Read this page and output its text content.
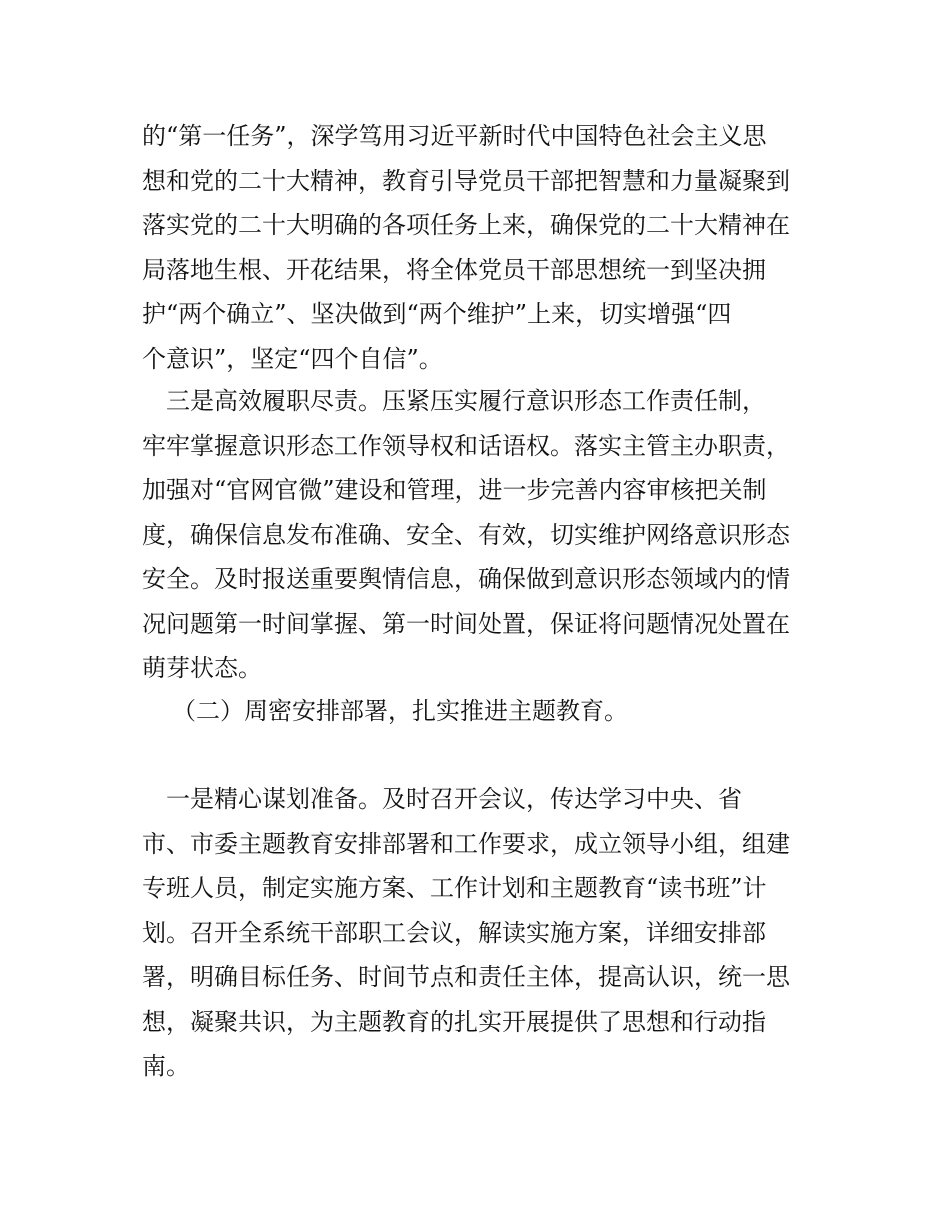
的“第一任务”，深学笃用习近平新时代中国特色社会主义思
想和党的二十大精神，教育引导党员干部把智慧和力量凝聚到
落实党的二十大明确的各项任务上来，确保党的二十大精神在
局落地生根、开花结果，将全体党员干部思想统一到坚决拥
护“两个确立”、坚决做到“两个维护”上来，切实增强“四
个意识”，坚定“四个自信”。
三是高效履职尽责。压紧压实履行意识形态工作责任制，
牢牢掌握意识形态工作领导权和话语权。落实主管主办职责，
加强对“官网官微”建设和管理，进一步完善内容审核把关制
度，确保信息发布准确、安全、有效，切实维护网络意识形态
安全。及时报送重要舆情信息，确保做到意识形态领域内的情
况问题第一时间掌握、第一时间处置，保证将问题情况处置在
萌芽状态。
（二）周密安排部署，扎实推进主题教育。
一是精心谋划准备。及时召开会议，传达学习中央、省
市、市委主题教育安排部署和工作要求，成立领导小组，组建
专班人员，制定实施方案、工作计划和主题教育“读书班”计
划。召开全系统干部职工会议，解读实施方案，详细安排部
署，明确目标任务、时间节点和责任主体，提高认识，统一思
想，凝聚共识，为主题教育的扎实开展提供了思想和行动指
南。
